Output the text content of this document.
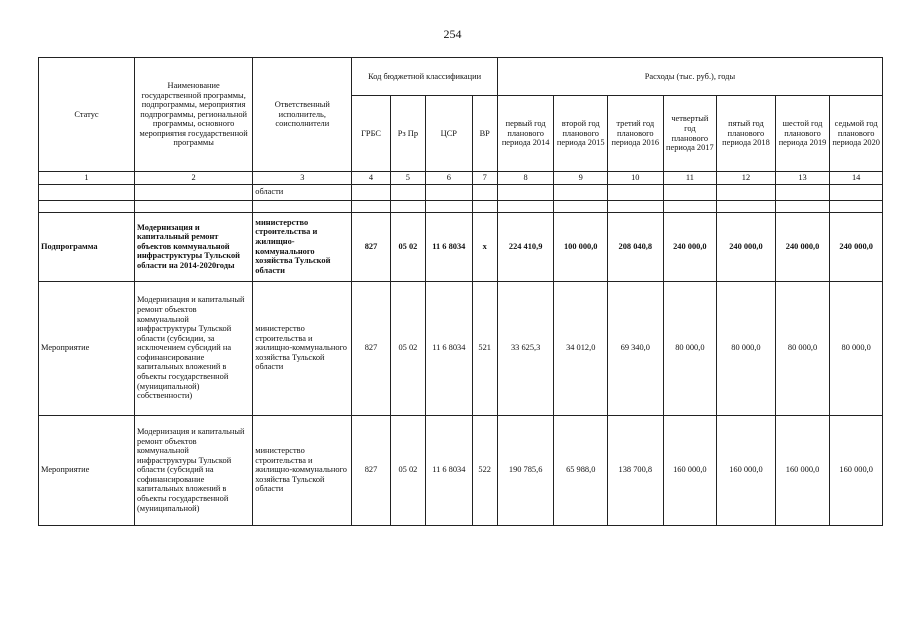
254
Статус	Наименование государственной программы, подпрограммы, мероприятия подпрограммы, региональной программы, основного мероприятия государственной программы	Ответственный исполнитель, соисполнители	Код бюджетной классификации				Расходы (тыс. руб.), годы						
			ГРБС	Рз Пр	ЦСР	ВР	первый год планового периода 2014	второй год планового периода 2015	третий год планового периода 2016	четвертый год планового периода 2017	пятый год планового периода 2018	шестой год планового периода 2019	седьмой год планового периода 2020
1	2	3	4	5	6	7	8	9	10	11	12	13	14
		области											

Подпрограмма	Модернизация и капитальный ремонт объектов коммунальной инфраструктуры Тульской области на 2014-2020годы	министерство строительства и жилищно-коммунального хозяйства Тульской области	827	05 02	11 6 8034	х	224 410,9	100 000,0	208 040,8	240 000,0	240 000,0	240 000,0	240 000,0
Мероприятие	Модернизация и капитальный ремонт объектов коммунальной инфраструктуры Тульской области (субсидии, за исключением субсидий на софинансирование капитальных вложений в объекты государственной (муниципальной) собственности)	министерство строительства и жилищно-коммунального хозяйства Тульской области	827	05 02	11 6 8034	521	33 625,3	34 012,0	69 340,0	80 000,0	80 000,0	80 000,0	80 000,0
Мероприятие	Модернизация и капитальный ремонт объектов коммунальной инфраструктуры Тульской области (субсидий на софинансирование капитальных вложений в объекты государственной (муниципальной)	министерство строительства и жилищно-коммунального хозяйства Тульской области	827	05 02	11 6 8034	522	190 785,6	65 988,0	138 700,8	160 000,0	160 000,0	160 000,0	160 000,0
